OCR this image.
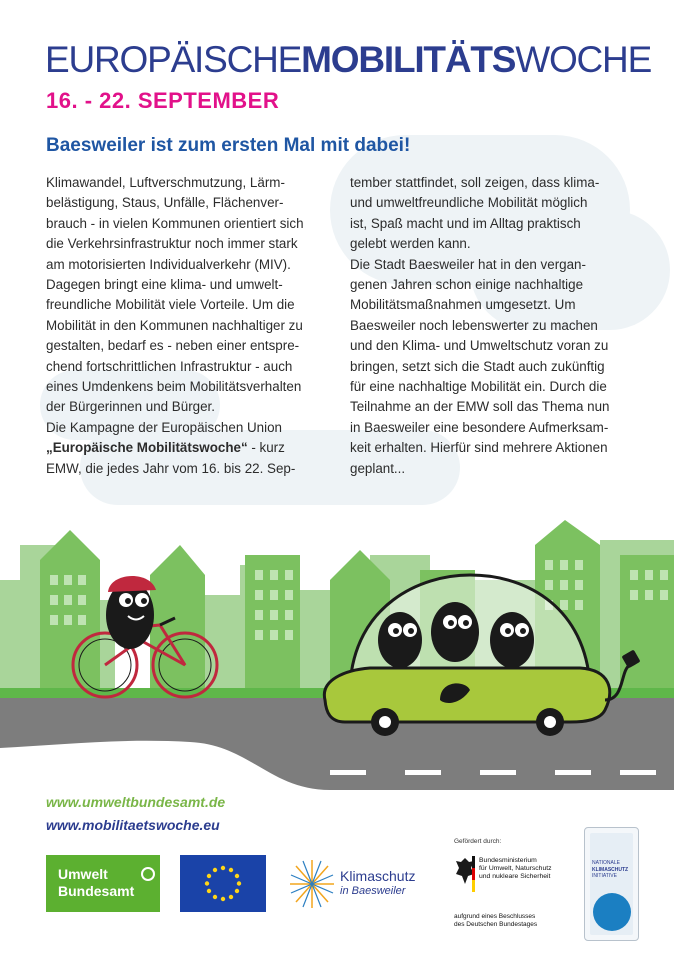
EUROPÄISCHEMOBILITÄTSWOCHE
16. - 22. SEPTEMBER
Baesweiler ist zum ersten Mal mit dabei!

Klimawandel, Luftverschmutzung, Lärm-

belästigung, Staus, Unfälle, Flächenver-

brauch - in vielen Kommunen orientiert sich

die Verkehrsinfrastruktur noch immer stark

am motorisierten Individualverkehr (MIV).

Dagegen bringt eine klima- und umwelt-

freundliche Mobilität viele Vorteile. Um die

Mobilität in den Kommunen nachhaltiger zu

gestalten, bedarf es - neben einer entspre-

chend fortschrittlichen Infrastruktur - auch

eines Umdenkens beim Mobilitätsverhalten

der Bürgerinnen und Bürger.

Die Kampagne der Europäischen Union

„Europäische Mobilitätswoche“ - kurz

EMW, die jedes Jahr vom 16. bis 22. Sep-

tember stattfindet, soll zeigen, dass klima-

und umweltfreundliche Mobilität möglich

ist, Spaß macht und im Alltag praktisch

gelebt werden kann.

Die Stadt Baesweiler hat in den vergan-

genen Jahren schon einige nachhaltige

Mobilitätsmaßnahmen umgesetzt. Um

Baesweiler noch lebenswerter zu machen

und den Klima- und Umweltschutz voran zu

bringen, setzt sich die Stadt auch zukünftig

für eine nachhaltige Mobilität ein. Durch die

Teilnahme an der EMW soll das Thema nun

in Baesweiler eine besondere Aufmerksam-

keit erhalten. Hierfür sind mehrere Aktionen

geplant...

www.umweltbundesamt.de
www.mobilitaetswoche.eu
Umwelt
Bundesamt
Klimaschutz
in Baesweiler
Gefördert durch:
Bundesministerium
für Umwelt, Naturschutz
und nukleare Sicherheit
aufgrund eines Beschlusses
des Deutschen Bundestages
NATIONALE
KLIMASCHUTZ
INITIATIVE
